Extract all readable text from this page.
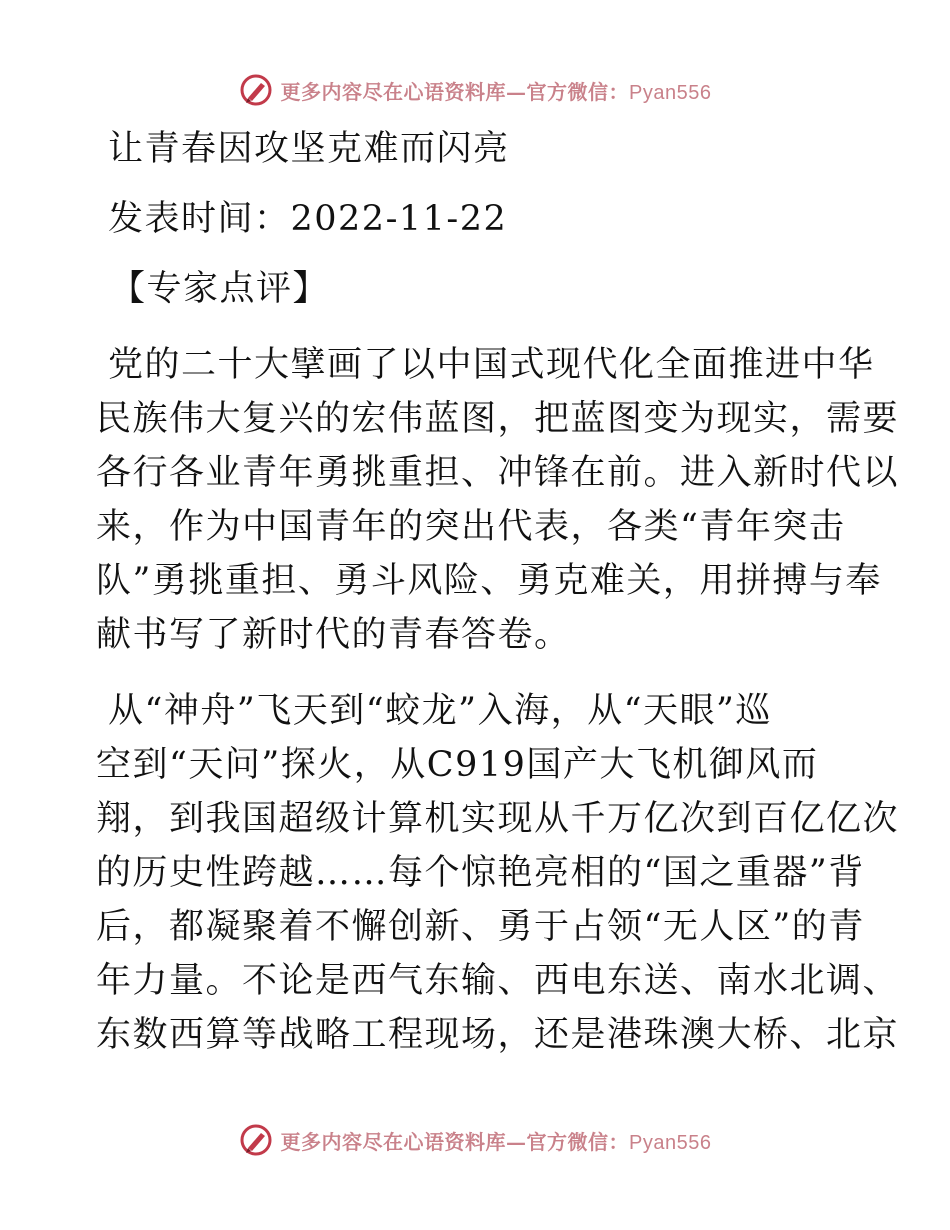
更多内容尽在心语资料库—官方微信：Pyan556
让青春因攻坚克难而闪亮
发表时间：2022-11-22
【专家点评】
党的二十大擘画了以中国式现代化全面推进中华
民族伟大复兴的宏伟蓝图，把蓝图变为现实，需要
各行各业青年勇挑重担、冲锋在前。进入新时代以
来，作为中国青年的突出代表，各类“青年突击
队”勇挑重担、勇斗风险、勇克难关，用拼搏与奉
献书写了新时代的青春答卷。
从“神舟”飞天到“蛟龙”入海，从“天眼”巡
空到“天问”探火，从C919国产大飞机御风而
翔，到我国超级计算机实现从千万亿次到百亿亿次
的历史性跨越……每个惊艳亮相的“国之重器”背
后，都凝聚着不懈创新、勇于占领“无人区”的青
年力量。不论是西气东输、西电东送、南水北调、
东数西算等战略工程现场，还是港珠澳大桥、北京
更多内容尽在心语资料库—官方微信：Pyan556
